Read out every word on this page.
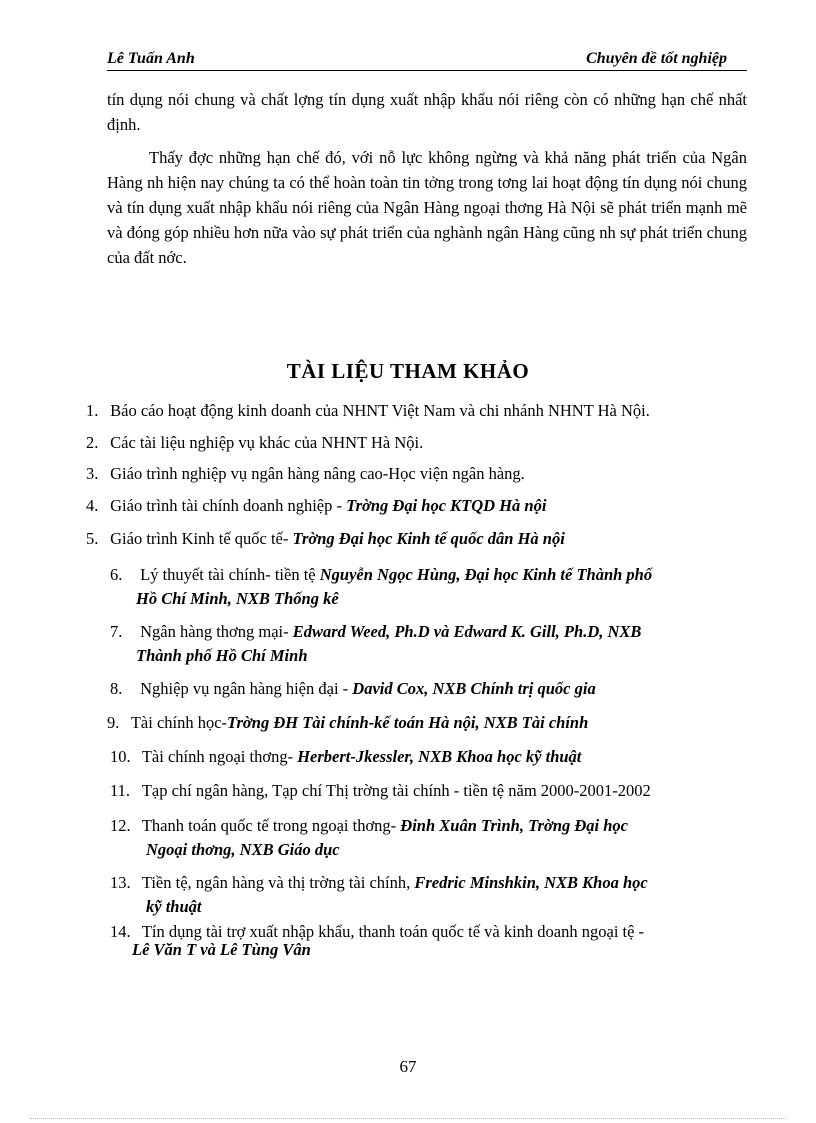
Lê Tuấn Anh	Chuyên đề tốt nghiệp
tín dụng nói chung và chất lợng tín dụng xuất nhập khẩu nói riêng còn có những hạn chế nhất định.
Thấy đợc những hạn chế đó, với nỗ lực không ngừng và khả năng phát triển của Ngân Hàng nh hiện nay chúng ta có thể hoàn toàn tin tởng trong tơng lai hoạt động tín dụng nói chung và tín dụng xuất nhập khẩu nói riêng của Ngân Hàng ngoại thơng Hà Nội sẽ phát triển mạnh mẽ và đóng góp nhiều hơn nữa vào sự phát triển của nghành ngân Hàng cũng nh sự phát triển chung của đất nớc.
TÀI LIỆU THAM KHẢO
1. Báo cáo hoạt động kinh doanh của NHNT Việt Nam và chi nhánh NHNT Hà Nội.
2. Các tài liệu nghiệp vụ khác của NHNT Hà Nội.
3. Giáo trình nghiệp vụ ngân hàng nâng cao-Học viện ngân hàng.
4. Giáo trình tài chính doanh nghiệp - Trờng Đại học KTQD Hà nội
5. Giáo trình Kinh tế quốc tế- Trờng Đại học Kinh tế quốc dân Hà nội
6. Lý thuyết tài chính- tiền tệ Nguyễn Ngọc Hùng, Đại học Kinh tế Thành phố
Hồ Chí Minh, NXB Thống kê
7. Ngân hàng thơng mại- Edward Weed, Ph.D và Edward K. Gill, Ph.D, NXB
Thành phố Hồ Chí Minh
8. Nghiệp vụ ngân hàng hiện đại - David Cox, NXB Chính trị quốc gia
9. Tài chính học-Trờng ĐH Tài chính-kế toán Hà nội, NXB Tài chính
10. Tài chính ngoại thơng- Herbert-Jkessler, NXB Khoa học kỹ thuật
11. Tạp chí ngân hàng, Tạp chí Thị trờng tài chính - tiền tệ năm 2000-2001-2002
12. Thanh toán quốc tế trong ngoại thơng- Đinh Xuân Trình, Trờng Đại học
Ngoại thơng, NXB Giáo dục
13. Tiền tệ, ngân hàng và thị trờng tài chính, Fredric Minshkin, NXB Khoa học
kỹ thuật
14. Tín dụng tài trợ xuất nhập khẩu, thanh toán quốc tế và kinh doanh ngoại tệ -
Lê Văn T và Lê Tùng Vân
67
